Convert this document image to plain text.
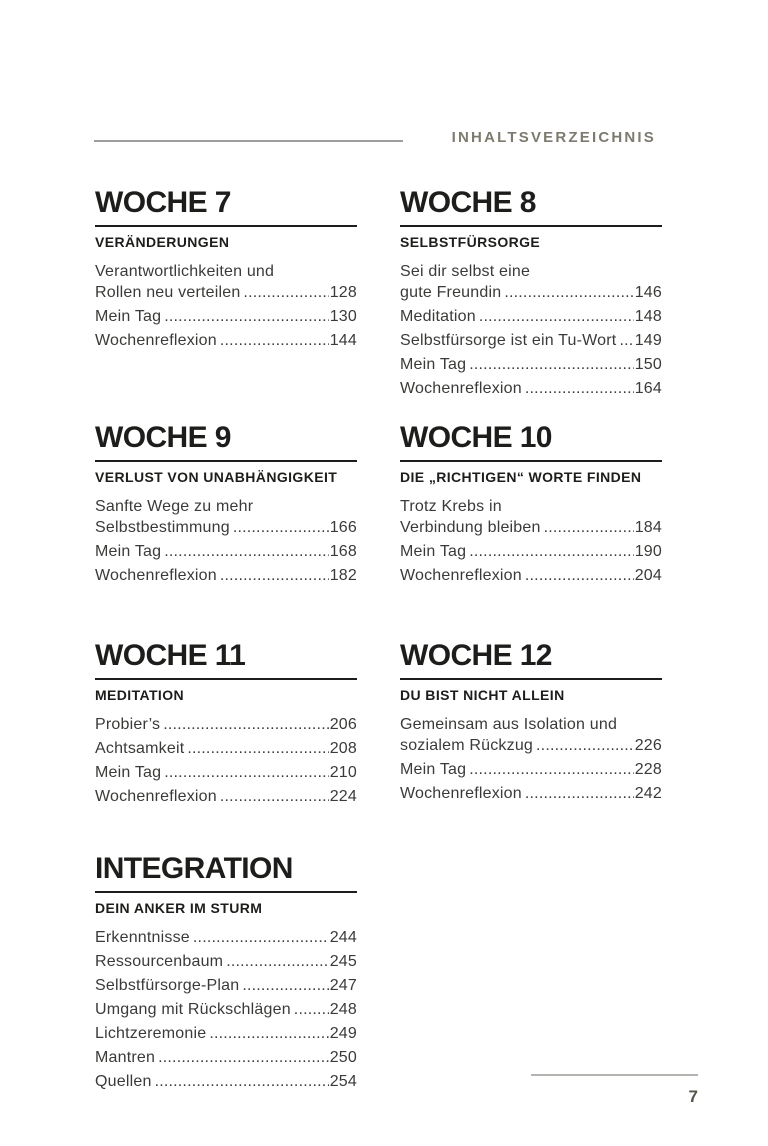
INHALTSVERZEICHNIS
WOCHE 7
VERÄNDERUNGEN
Verantwortlichkeiten und
Rollen neu verteilen .....	128
Mein Tag .....	130
Wochenreflexion .....	144
WOCHE 8
SELBSTFÜRSORGE
Sei dir selbst eine
gute Freundin .....	146
Meditation .....	148
Selbstfürsorge ist ein Tu-Wort ..... 149
Mein Tag .....	150
Wochenreflexion .....	164
WOCHE 9
VERLUST VON UNABHÄNGIGKEIT
Sanfte Wege zu mehr
Selbstbestimmung .....	166
Mein Tag .....	168
Wochenreflexion .....	182
WOCHE 10
DIE „RICHTIGEN“ WORTE FINDEN
Trotz Krebs in
Verbindung bleiben .....	184
Mein Tag .....	190
Wochenreflexion .....	204
WOCHE 11
MEDITATION
Probier’s .....	206
Achtsamkeit .....	208
Mein Tag .....	210
Wochenreflexion .....	224
WOCHE 12
DU BIST NICHT ALLEIN
Gemeinsam aus Isolation und
sozialem Rückzug .....	226
Mein Tag .....	228
Wochenreflexion .....	242
INTEGRATION
DEIN ANKER IM STURM
Erkenntnisse .....	244
Ressourcenbaum .....	245
Selbstfürsorge-Plan .....	247
Umgang mit Rückschlägen ..... 248
Lichtzeremonie .....	249
Mantren .....	250
Quellen .....	254
7
